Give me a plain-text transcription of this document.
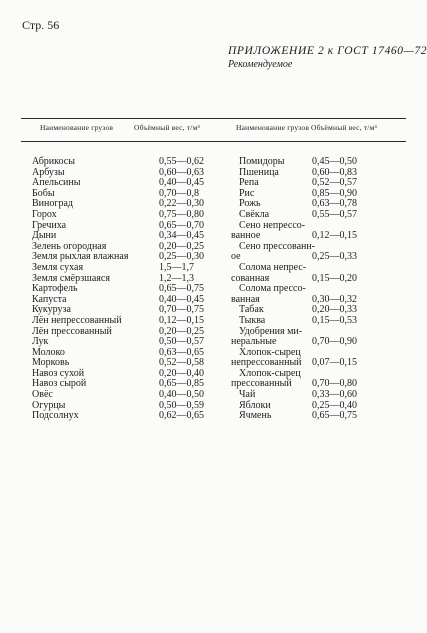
Стр. 56
ПРИЛОЖЕНИЕ 2 к ГОСТ 17460—72
Рекомендуемое
Наименование грузов	Объёмный вес, т/м³	Наименование грузов Объёмный вес, т/м³
Абрикосы
Арбузы
Апельсины
Бобы
Виноград
Горох
Гречиха
Дыни
Зелень огородная
Земля рыхлая влажная
Земля сухая
Земля смёрзшаяся
Картофель
Капуста
Кукуруза
Лён непрессованный
Лён прессованный
Лук
Молоко
Морковь
Навоз сухой
Навоз сырой
Овёс
Огурцы
Подсолнух
0,55—0,62
0,60—0,63
0,40—0,45
0,70—0,8
0,22—0,30
0,75—0,80
0,65—0,70
0,34—0,45
0,20—0,25
0,25—0,30
1,5—1,7
1,2—1,3
0,65—0,75
0,40—0,45
0,70—0,75
0,12—0,15
0,20—0,25
0,50—0,57
0,63—0,65
0,52—0,58
0,20—0,40
0,65—0,85
0,40—0,50
0,50—0,59
0,62—0,65
Помидоры
Пшеница
Репа
Рис
Рожь
Свёкла
Сено непрессо-
ванное
Сено прессованн-
ое
Солома непрес-
сованная
Солома прессо-
ванная
Табак
Тыква
Удобрения ми-
неральные
Хлопок-сырец
непрессованный
Хлопок-сырец
прессованный
Чай
Яблоки
Ячмень
0,45—0,50
0,60—0,83
0,52—0,57
0,85—0,90
0,63—0,78
0,55—0,57
0,12—0,15
0,25—0,33
0,15—0,20
0,30—0,32
0,20—0,33
0,15—0,53
0,70—0,90
0,07—0,15
0,70—0,80
0,33—0,60
0,25—0,40
0,65—0,75
